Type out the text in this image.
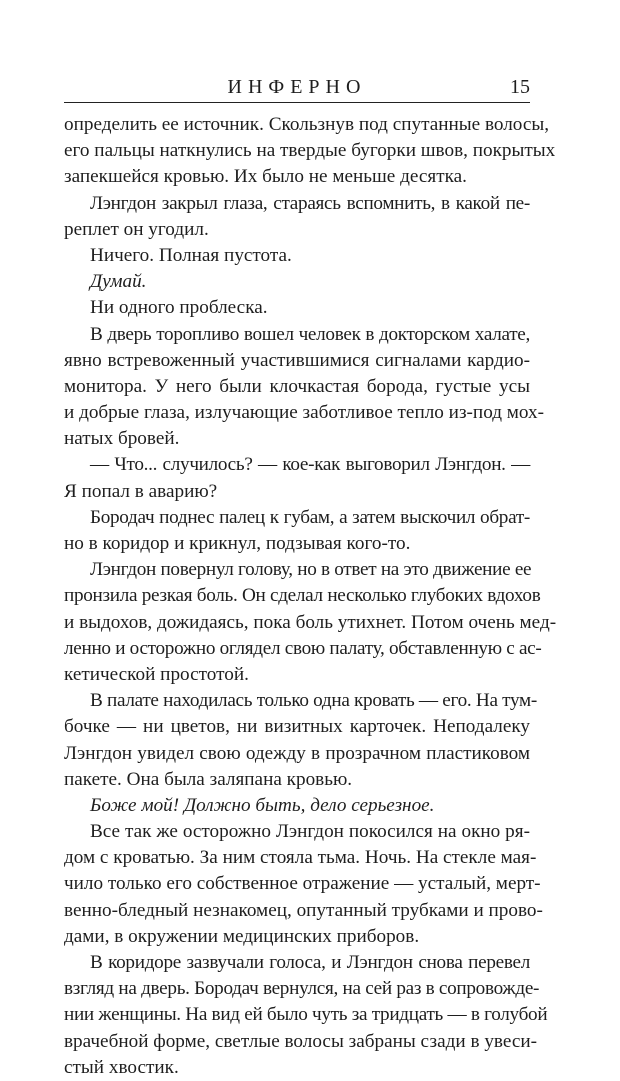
ИНФЕРНО	15
определить ее источник. Скользнув под спутанные волосы,
его пальцы наткнулись на твердые бугорки швов, покрытых
запекшейся кровью. Их было не меньше десятка.
Лэнгдон закрыл глаза, стараясь вспомнить, в какой пе-
реплет он угодил.
Ничего. Полная пустота.
Думай.
Ни одного проблеска.
В дверь торопливо вошел человек в докторском халате,
явно встревоженный участившимися сигналами кардио-
монитора. У него были клочкастая борода, густые усы
и добрые глаза, излучающие заботливое тепло из-под мох-
натых бровей.
— Что... случилось? — кое-как выговорил Лэнгдон. —
Я попал в аварию?
Бородач поднес палец к губам, а затем выскочил обрат-
но в коридор и крикнул, подзывая кого-то.
Лэнгдон повернул голову, но в ответ на это движение ее
пронзила резкая боль. Он сделал несколько глубоких вдохов
и выдохов, дожидаясь, пока боль утихнет. Потом очень мед-
ленно и осторожно оглядел свою палату, обставленную с ас-
кетической простотой.
В палате находилась только одна кровать — его. На тум-
бочке — ни цветов, ни визитных карточек. Неподалеку
Лэнгдон увидел свою одежду в прозрачном пластиковом
пакете. Она была заляпана кровью.
Боже мой! Должно быть, дело серьезное.
Все так же осторожно Лэнгдон покосился на окно ря-
дом с кроватью. За ним стояла тьма. Ночь. На стекле мая-
чило только его собственное отражение — усталый, мерт-
венно-бледный незнакомец, опутанный трубками и прово-
дами, в окружении медицинских приборов.
В коридоре зазвучали голоса, и Лэнгдон снова перевел
взгляд на дверь. Бородач вернулся, на сей раз в сопровожде-
нии женщины. На вид ей было чуть за тридцать — в голубой
врачебной форме, светлые волосы забраны сзади в увеси-
стый хвостик.
